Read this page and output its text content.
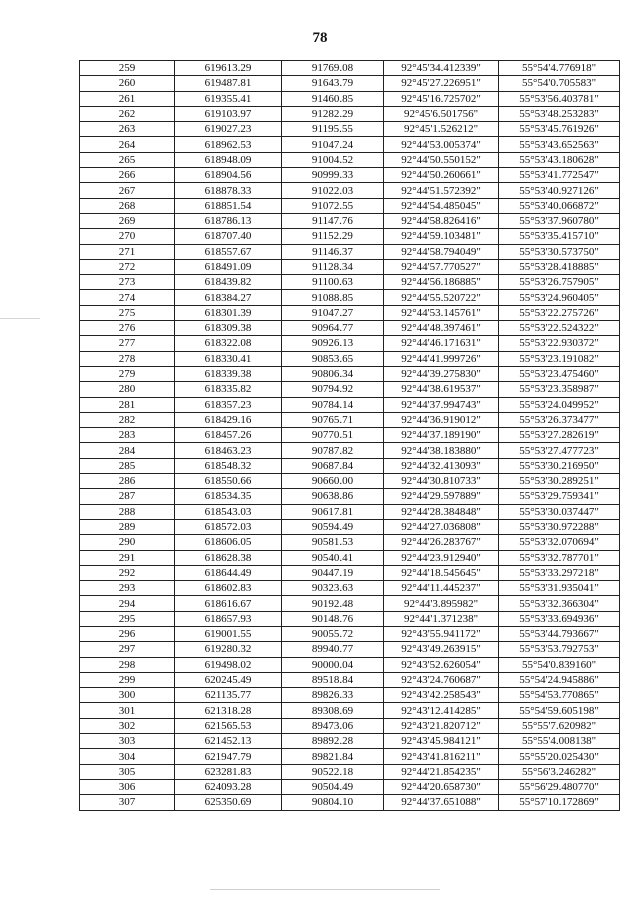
78
259	619613.29	91769.08	92°45'34.412339"	55°54'4.776918"
260	619487.81	91643.79	92°45'27.226951"	55°54'0.705583"
261	619355.41	91460.85	92°45'16.725702"	55°53'56.403781"
262	619103.97	91282.29	92°45'6.501756"	55°53'48.253283"
263	619027.23	91195.55	92°45'1.526212"	55°53'45.761926"
264	618962.53	91047.24	92°44'53.005374"	55°53'43.652563"
265	618948.09	91004.52	92°44'50.550152"	55°53'43.180628"
266	618904.56	90999.33	92°44'50.260661"	55°53'41.772547"
267	618878.33	91022.03	92°44'51.572392"	55°53'40.927126"
268	618851.54	91072.55	92°44'54.485045"	55°53'40.066872"
269	618786.13	91147.76	92°44'58.826416"	55°53'37.960780"
270	618707.40	91152.29	92°44'59.103481"	55°53'35.415710"
271	618557.67	91146.37	92°44'58.794049"	55°53'30.573750"
272	618491.09	91128.34	92°44'57.770527"	55°53'28.418885"
273	618439.82	91100.63	92°44'56.186885"	55°53'26.757905"
274	618384.27	91088.85	92°44'55.520722"	55°53'24.960405"
275	618301.39	91047.27	92°44'53.145761"	55°53'22.275726"
276	618309.38	90964.77	92°44'48.397461"	55°53'22.524322"
277	618322.08	90926.13	92°44'46.171631"	55°53'22.930372"
278	618330.41	90853.65	92°44'41.999726"	55°53'23.191082"
279	618339.38	90806.34	92°44'39.275830"	55°53'23.475460"
280	618335.82	90794.92	92°44'38.619537"	55°53'23.358987"
281	618357.23	90784.14	92°44'37.994743"	55°53'24.049952"
282	618429.16	90765.71	92°44'36.919012"	55°53'26.373477"
283	618457.26	90770.51	92°44'37.189190"	55°53'27.282619"
284	618463.23	90787.82	92°44'38.183880"	55°53'27.477723"
285	618548.32	90687.84	92°44'32.413093"	55°53'30.216950"
286	618550.66	90660.00	92°44'30.810733"	55°53'30.289251"
287	618534.35	90638.86	92°44'29.597889"	55°53'29.759341"
288	618543.03	90617.81	92°44'28.384848"	55°53'30.037447"
289	618572.03	90594.49	92°44'27.036808"	55°53'30.972288"
290	618606.05	90581.53	92°44'26.283767"	55°53'32.070694"
291	618628.38	90540.41	92°44'23.912940"	55°53'32.787701"
292	618644.49	90447.19	92°44'18.545645"	55°53'33.297218"
293	618602.83	90323.63	92°44'11.445237"	55°53'31.935041"
294	618616.67	90192.48	92°44'3.895982"	55°53'32.366304"
295	618657.93	90148.76	92°44'1.371238"	55°53'33.694936"
296	619001.55	90055.72	92°43'55.941172"	55°53'44.793667"
297	619280.32	89940.77	92°43'49.263915"	55°53'53.792753"
298	619498.02	90000.04	92°43'52.626054"	55°54'0.839160"
299	620245.49	89518.84	92°43'24.760687"	55°54'24.945886"
300	621135.77	89826.33	92°43'42.258543"	55°54'53.770865"
301	621318.28	89308.69	92°43'12.414285"	55°54'59.605198"
302	621565.53	89473.06	92°43'21.820712"	55°55'7.620982"
303	621452.13	89892.28	92°43'45.984121"	55°55'4.008138"
304	621947.79	89821.84	92°43'41.816211"	55°55'20.025430"
305	623281.83	90522.18	92°44'21.854235"	55°56'3.246282"
306	624093.28	90504.49	92°44'20.658730"	55°56'29.480770"
307	625350.69	90804.10	92°44'37.651088"	55°57'10.172869"
